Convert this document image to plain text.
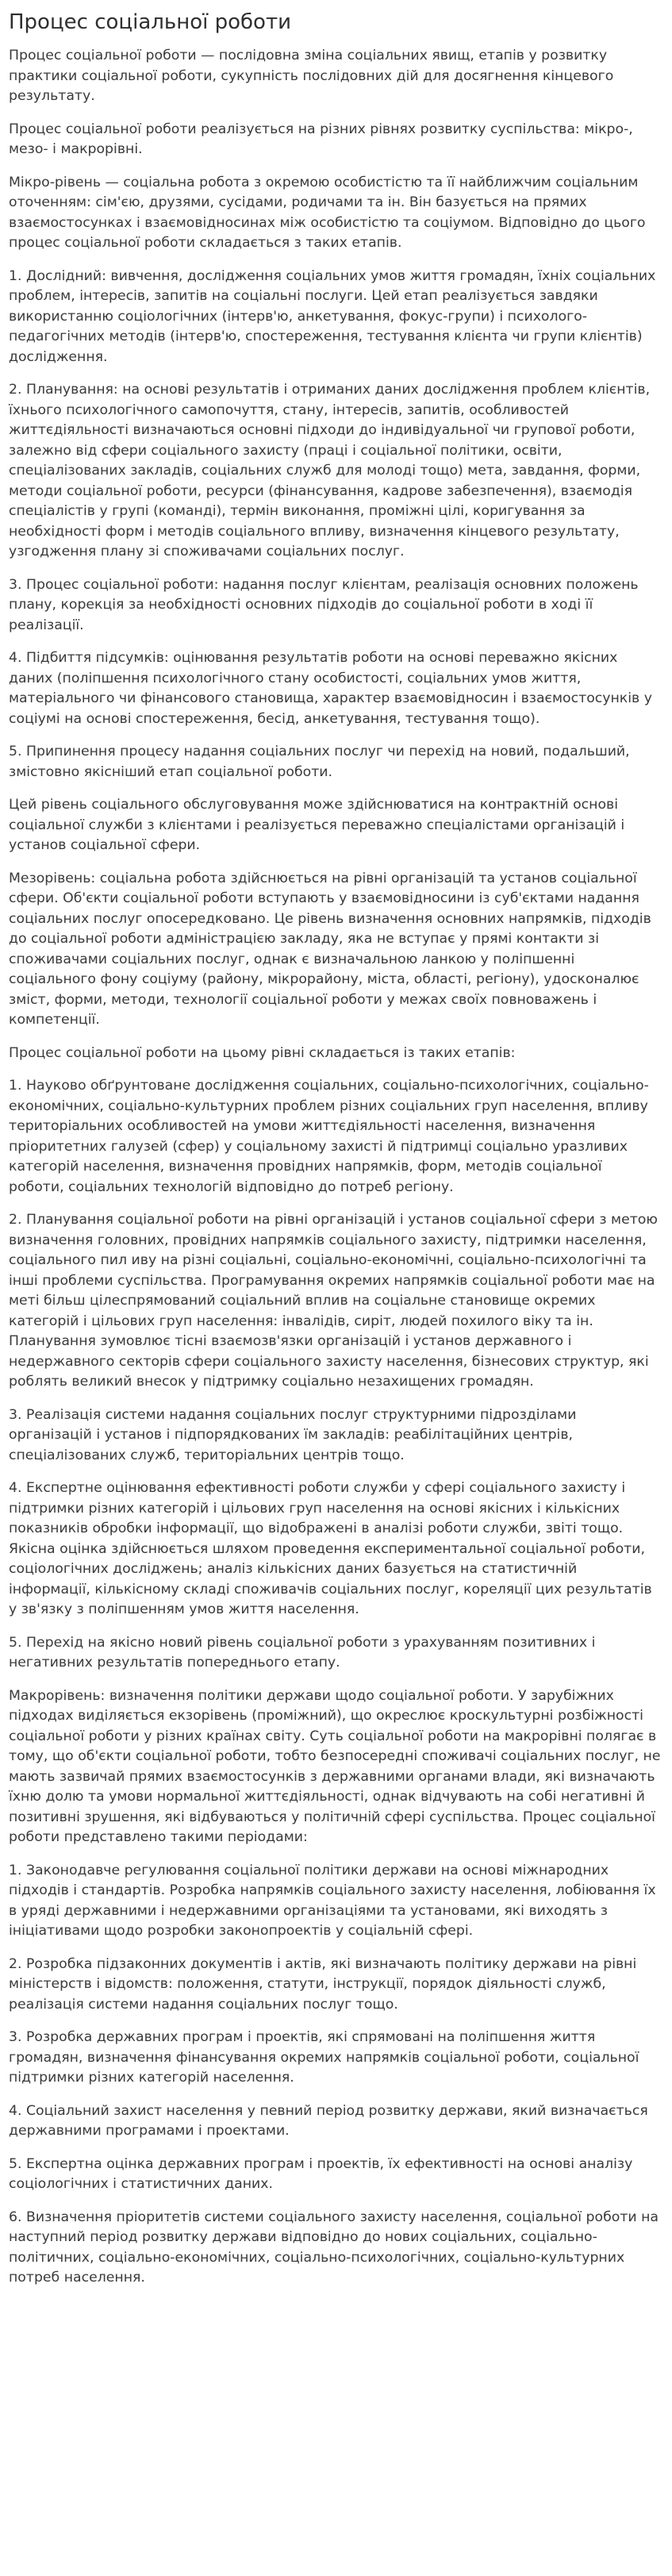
Процес соціальної роботи

Процес соціальної роботи — послідовна зміна соціальних явищ, етапів у розвитку практики соціальної роботи, сукупність послідовних дій для досягнення кінцевого результату.

Процес соціальної роботи реалізується на різних рівнях розвитку суспільства: мікро-, мезо- і макрорівні.

Мікро-рівень — соціальна робота з окремою особистістю та її найближчим соціальним оточенням: сім'єю, друзями, сусідами, родичами та ін. Він базується на прямих взаємостосунках і взаємовідносинах між особистістю та соціумом. Відповідно до цього процес соціальної роботи складається з таких етапів.

1. Дослідний: вивчення, дослідження соціальних умов життя громадян, їхніх соціальних проблем, інтересів, запитів на соціальні послуги. Цей етап реалізується завдяки використанню соціологічних (інтерв'ю, анкетування, фокус-групи) і психолого-педагогічних методів (інтерв'ю, спостереження, тестування клієнта чи групи клієнтів) дослідження.

2. Планування: на основі результатів і отриманих даних дослідження проблем клієнтів, їхнього психологічного самопочуття, стану, інтересів, запитів, особливостей життєдіяльності визначаються основні підходи до індивідуальної чи групової роботи, залежно від сфери соціального захисту (праці і соціальної політики, освіти, спеціалізованих закладів, соціальних служб для молоді тощо) мета, завдання, форми, методи соціальної роботи, ресурси (фінансування, кадрове забезпечення), взаємодія спеціалістів у групі (команді), термін виконання, проміжні цілі, коригування за необхідності форм і методів соціального впливу, визначення кінцевого результату, узгодження плану зі споживачами соціальних послуг.

3. Процес соціальної роботи: надання послуг клієнтам, реалізація основних положень плану, корекція за необхідності основних підходів до соціальної роботи в ході її реалізації.

4. Підбиття підсумків: оцінювання результатів роботи на основі переважно якісних даних (поліпшення психологічного стану особистості, соціальних умов життя, матеріального чи фінансового становища, характер взаємовідносин і взаємостосунків у соціумі на основі спостереження, бесід, анкетування, тестування тощо).

5. Припинення процесу надання соціальних послуг чи перехід на новий, подальший, змістовно якісніший етап соціальної роботи.

Цей рівень соціального обслуговування може здійснюватися на контрактній основі соціальної служби з клієнтами і реалізується переважно спеціалістами організацій і установ соціальної сфери.

Мезорівень: соціальна робота здійснюється на рівні організацій та установ соціальної сфери. Об'єкти соціальної роботи вступають у взаємовідносини із суб'єктами надання соціальних послуг опосередковано. Це рівень визначення основних напрямків, підходів до соціальної роботи адміністрацією закладу, яка не вступає у прямі контакти зі споживачами соціальних послуг, однак є визначальною ланкою у поліпшенні соціального фону соціуму (району, мікрорайону, міста, області, регіону), удосконалює зміст, форми, методи, технології соціальної роботи у межах своїх повноважень і компетенції.

Процес соціальної роботи на цьому рівні складається із таких етапів:

1. Науково обґрунтоване дослідження соціальних, соціально-психологічних, соціально-економічних, соціально-культурних проблем різних соціальних груп населення, впливу територіальних особливостей на умови життєдіяльності населення, визначення пріоритетних галузей (сфер) у соціальному захисті й підтримці соціально уразливих категорій населення, визначення провідних напрямків, форм, методів соціальної роботи, соціальних технологій відповідно до потреб регіону.

2. Планування соціальної роботи на рівні організацій і установ соціальної сфери з метою визначення головних, провідних напрямків соціального захисту, підтримки населення, соціального пил иву на різні соціальні, соціально-економічні, соціально-психологічні та інші проблеми суспільства. Програмування окремих напрямків соціальної роботи має на меті більш цілеспрямований соціальний вплив на соціальне становище окремих категорій і цільових груп населення: інвалідів, сиріт, людей похилого віку та ін. Планування зумовлює тісні взаємозв'язки організацій і установ державного і недержавного секторів сфери соціального захисту населення, бізнесових структур, які роблять великий внесок у підтримку соціально незахищених громадян.

3. Реалізація системи надання соціальних послуг структурними підрозділами організацій і установ і підпорядкованих їм закладів: реабілітаційних центрів, спеціалізованих служб, територіальних центрів тощо.

4. Експертне оцінювання ефективності роботи служби у сфері соціального захисту і підтримки різних категорій і цільових груп населення на основі якісних і кількісних показників обробки інформації, що відображені в аналізі роботи служби, звіті тощо. Якісна оцінка здійснюється шляхом проведення експериментальної соціальної роботи, соціологічних досліджень; аналіз кількісних даних базується на статистичній інформації, кількісному складі споживачів соціальних послуг, кореляції цих результатів у зв'язку з поліпшенням умов життя населення.

5. Перехід на якісно новий рівень соціальної роботи з урахуванням позитивних і негативних результатів попереднього етапу.

Макрорівень: визначення політики держави щодо соціальної роботи. У зарубіжних підходах виділяється екзорівень (проміжний), що окреслює кроскультурні розбіжності соціальної роботи у різних країнах світу. Суть соціальної роботи на макрорівні полягає в тому, що об'єкти соціальної роботи, тобто безпосередні споживачі соціальних послуг, не мають зазвичай прямих взаємостосунків з державними органами влади, які визначають їхню долю та умови нормальної життєдіяльності, однак відчувають на собі негативні й позитивні зрушення, які відбуваються у політичній сфері суспільства. Процес соціальної роботи представлено такими періодами:

1. Законодавче регулювання соціальної політики держави на основі міжнародних підходів і стандартів. Розробка напрямків соціального захисту населення, лобіювання їх в уряді державними і недержавними організаціями та установами, які виходять з ініціативами щодо розробки законопроектів у соціальній сфері.

2. Розробка підзаконних документів і актів, які визначають політику держави на рівні міністерств і відомств: положення, статути, інструкції, порядок діяльності служб, реалізація системи надання соціальних послуг тощо.

3. Розробка державних програм і проектів, які спрямовані на поліпшення життя громадян, визначення фінансування окремих напрямків соціальної роботи, соціальної підтримки різних категорій населення.

4. Соціальний захист населення у певний період розвитку держави, який визначається державними програмами і проектами.

5. Експертна оцінка державних програм і проектів, їх ефективності на основі аналізу соціологічних і статистичних даних.

6. Визначення пріоритетів системи соціального захисту населення, соціальної роботи на наступний період розвитку держави відповідно до нових соціальних, соціально-політичних, соціально-економічних, соціально-психологічних, соціально-культурних потреб населення.
